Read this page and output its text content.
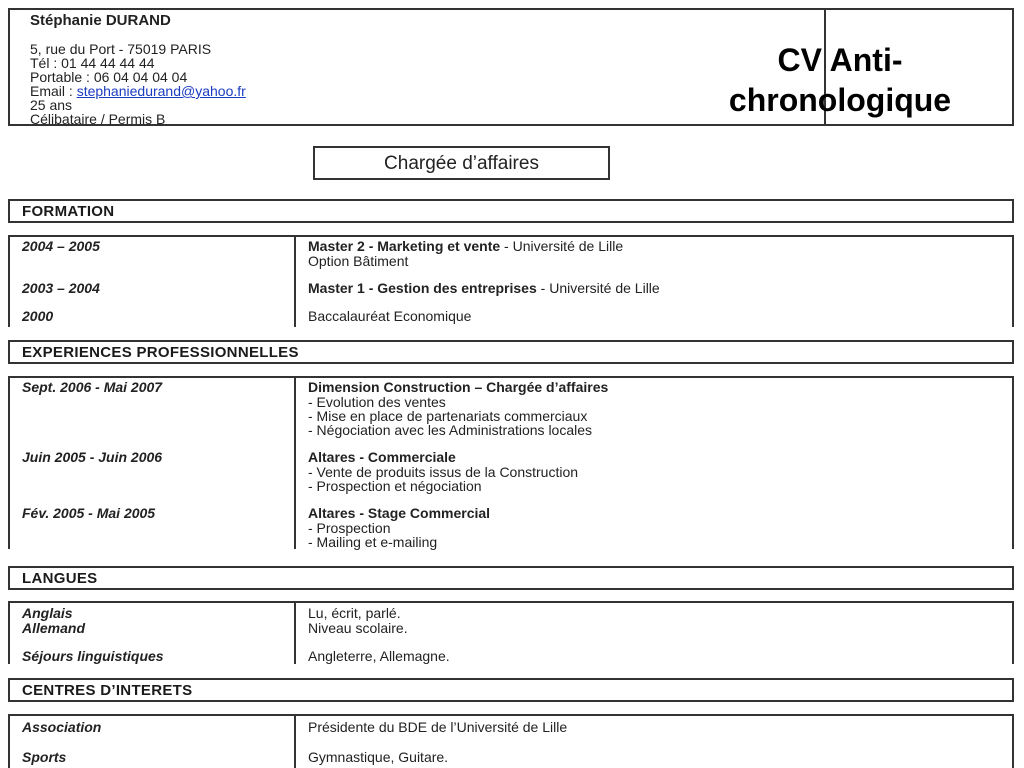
Stéphanie DURAND
5, rue du Port - 75019 PARIS
Tél : 01 44 44 44 44
Portable : 06 04 04 04 04
Email : stephaniedurand@yahoo.fr
25 ans
Célibataire / Permis B
CV Anti-
chronologique
Chargée d’affaires
FORMATION
2004 – 2005	Master 2 - Marketing et vente - Université de Lille
Option Bâtiment
2003 – 2004	Master 1 - Gestion des entreprises - Université de Lille
2000	Baccalauréat Economique
EXPERIENCES PROFESSIONNELLES
Sept. 2006 - Mai 2007	Dimension Construction – Chargée d’affaires
- Evolution des ventes
- Mise en place de partenariats commerciaux
- Négociation avec les Administrations locales
Juin 2005 - Juin 2006	Altares - Commerciale
- Vente de produits issus de la Construction
- Prospection et négociation
Fév. 2005 - Mai 2005	Altares - Stage Commercial
- Prospection
- Mailing et e-mailing
LANGUES
Anglais	Lu, écrit, parlé.
Allemand	Niveau scolaire.
Séjours linguistiques	Angleterre, Allemagne.
CENTRES D’INTERETS
Association	Présidente du BDE de l’Université de Lille
Sports	Gymnastique, Guitare.
